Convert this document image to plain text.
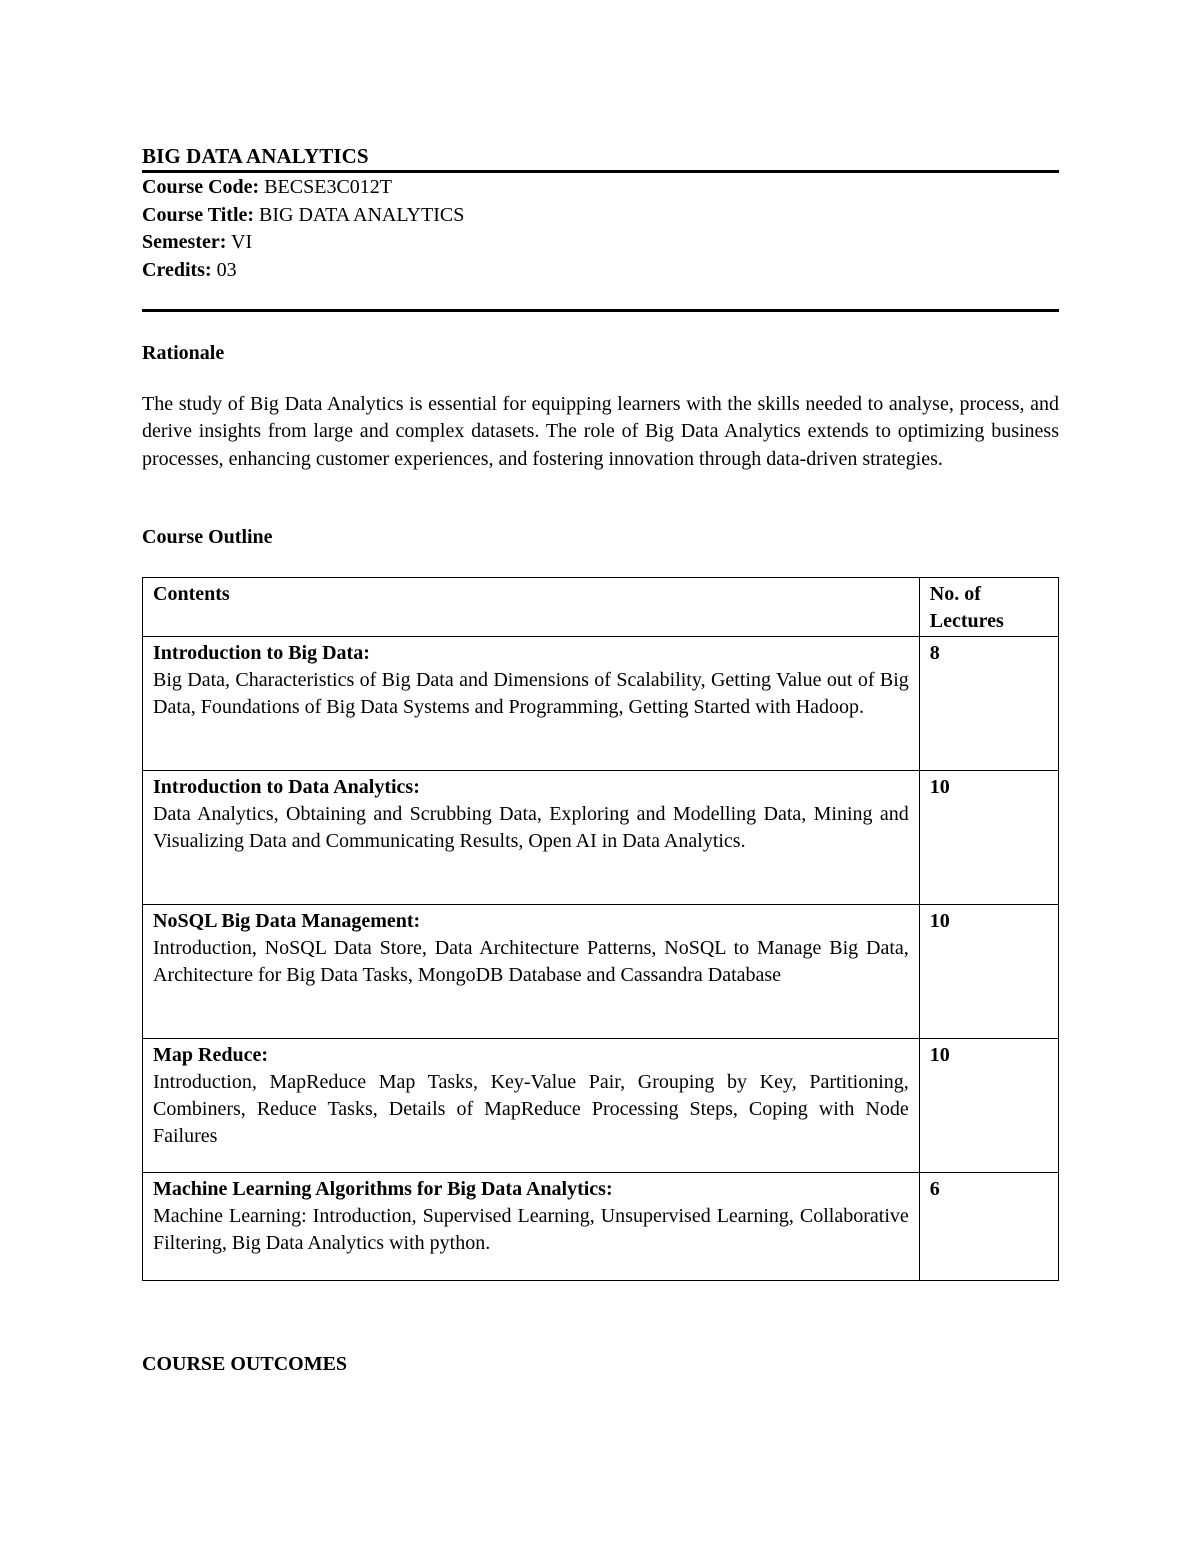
BIG DATA ANALYTICS
Course Code: BECSE3C012T
Course Title: BIG DATA ANALYTICS
Semester: VI
Credits: 03
Rationale
The study of Big Data Analytics is essential for equipping learners with the skills needed to analyse, process, and derive insights from large and complex datasets. The role of Big Data Analytics extends to optimizing business processes, enhancing customer experiences, and fostering innovation through data-driven strategies.
Course Outline
Contents	No. of Lectures

Introduction to Big Data:
Big Data, Characteristics of Big Data and Dimensions of Scalability, Getting Value out of Big Data, Foundations of Big Data Systems and Programming, Getting Started with Hadoop.	8

Introduction to Data Analytics:
Data Analytics, Obtaining and Scrubbing Data, Exploring and Modelling Data, Mining and Visualizing Data and Communicating Results, Open AI in Data Analytics.	10

NoSQL Big Data Management:
Introduction, NoSQL Data Store, Data Architecture Patterns, NoSQL to Manage Big Data, Architecture for Big Data Tasks, MongoDB Database and Cassandra Database	10

Map Reduce:
Introduction, MapReduce Map Tasks, Key-Value Pair, Grouping by Key, Partitioning, Combiners, Reduce Tasks, Details of MapReduce Processing Steps, Coping with Node Failures	10

Machine Learning Algorithms for Big Data Analytics:
Machine Learning: Introduction, Supervised Learning, Unsupervised Learning, Collaborative Filtering, Big Data Analytics with python.	6
COURSE OUTCOMES
